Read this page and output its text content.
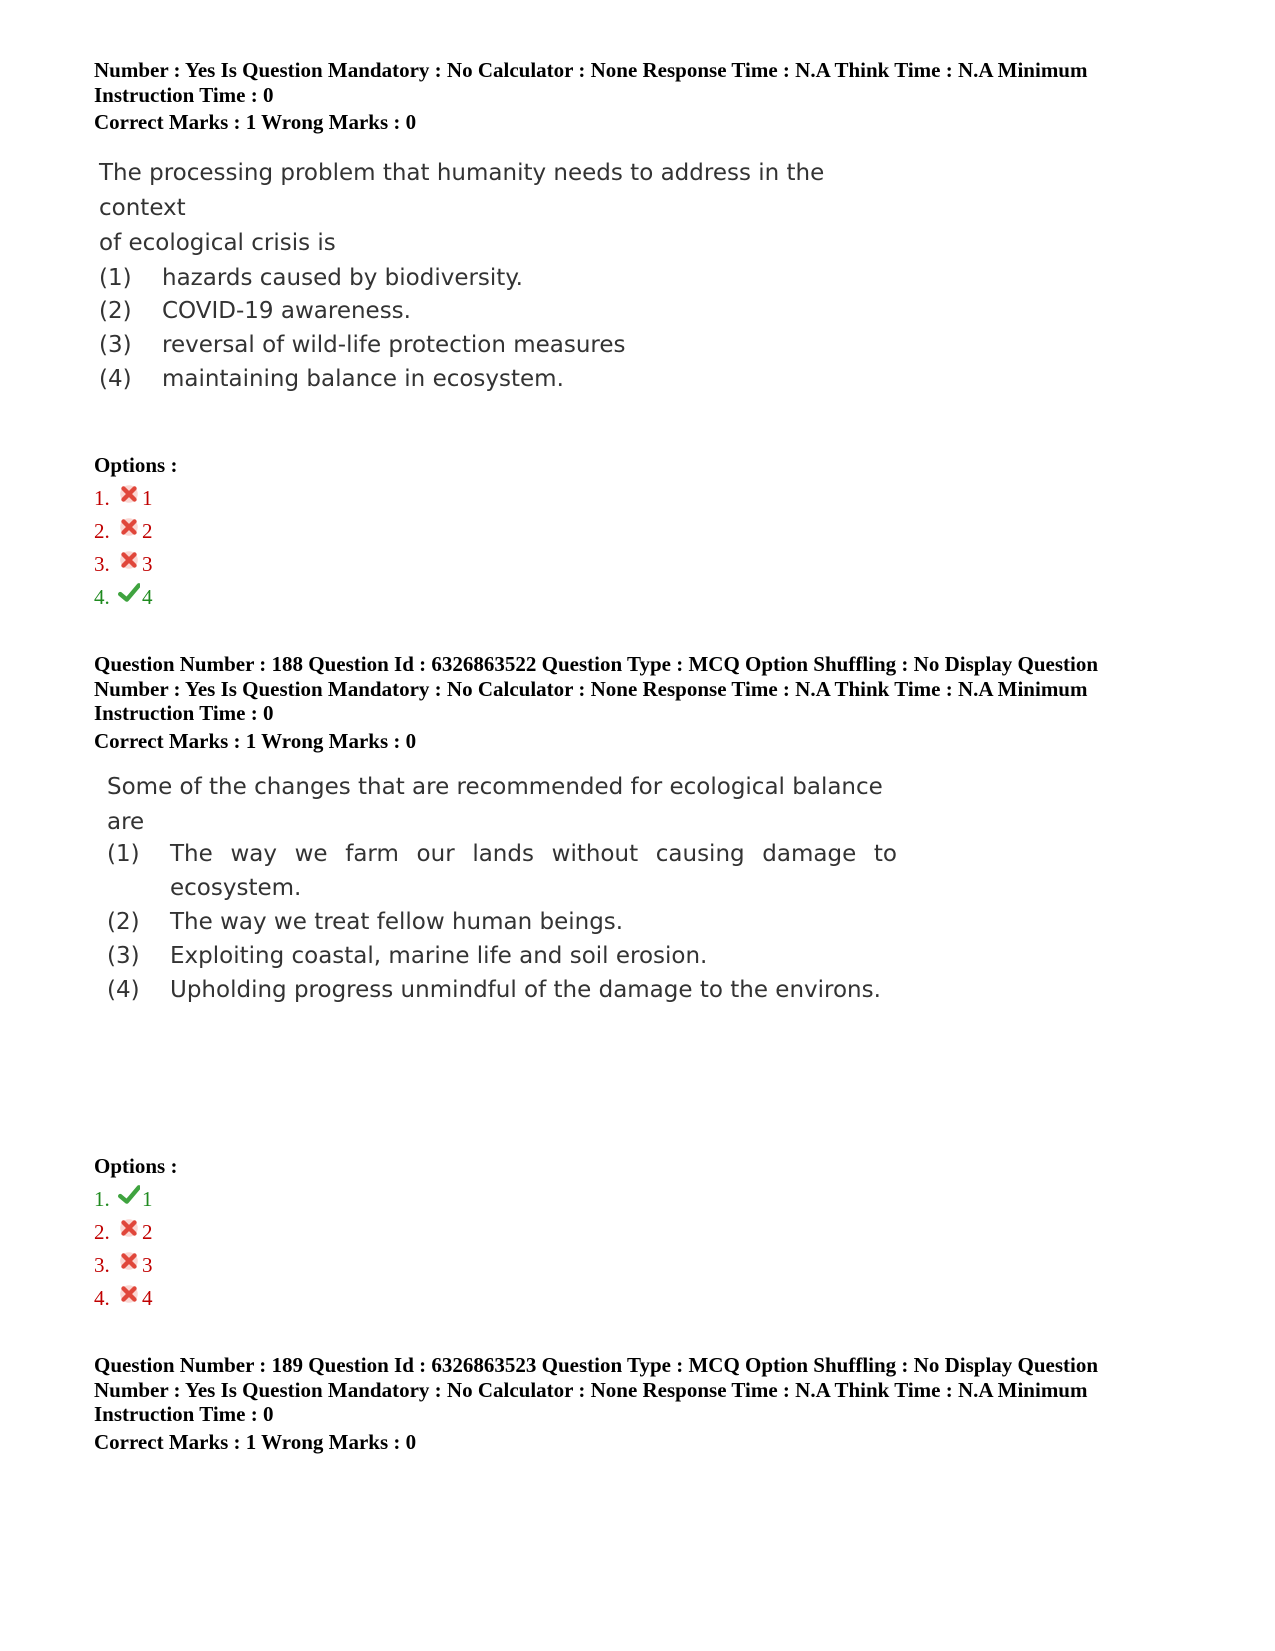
Number : Yes Is Question Mandatory : No Calculator : None Response Time : N.A Think Time : N.A Minimum
Instruction Time : 0
Correct Marks : 1 Wrong Marks : 0
The processing problem that humanity needs to address in the context
of ecological crisis is
(1) hazards caused by biodiversity.
(2) COVID-19 awareness.
(3) reversal of wild-life protection measures
(4) maintaining balance in ecosystem.
Options :
1.	1
2.	2
3.	3
4.	4
Question Number : 188 Question Id : 6326863522 Question Type : MCQ Option Shuffling : No Display Question
Number : Yes Is Question Mandatory : No Calculator : None Response Time : N.A Think Time : N.A Minimum
Instruction Time : 0
Correct Marks : 1 Wrong Marks : 0
Some of the changes that are recommended for ecological balance are
(1) The way we farm our lands without causing damage to
ecosystem.
(2) The way we treat fellow human beings.
(3) Exploiting coastal, marine life and soil erosion.
(4) Upholding progress unmindful of the damage to the environs.
Options :
1.	1
2.	2
3.	3
4.	4
Question Number : 189 Question Id : 6326863523 Question Type : MCQ Option Shuffling : No Display Question
Number : Yes Is Question Mandatory : No Calculator : None Response Time : N.A Think Time : N.A Minimum
Instruction Time : 0
Correct Marks : 1 Wrong Marks : 0
